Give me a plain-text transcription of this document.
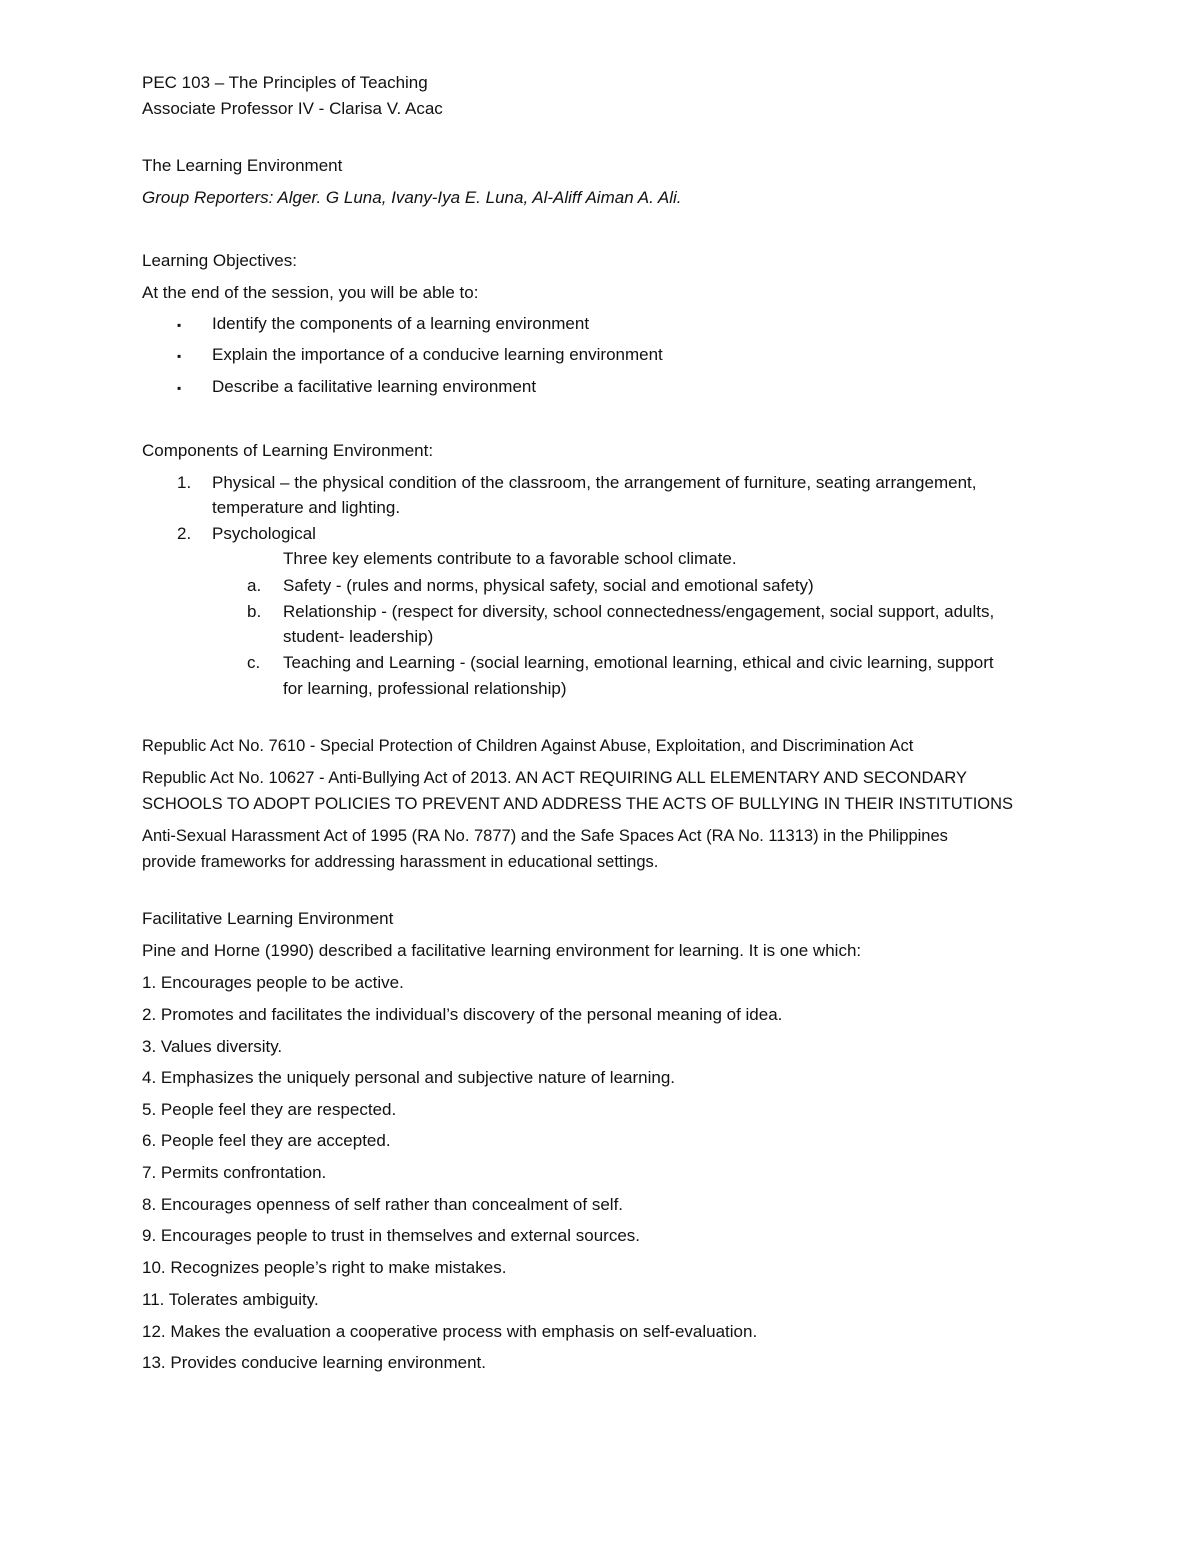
PEC 103 – The Principles of Teaching
Associate Professor IV - Clarisa V. Acac
The Learning Environment
Group Reporters: Alger. G Luna, Ivany-Iya E. Luna, Al-Aliff Aiman A. Ali.
Learning Objectives:
At the end of the session, you will be able to:
▪ Identify the components of a learning environment
▪ Explain the importance of a conducive learning environment
▪ Describe a facilitative learning environment
Components of Learning Environment:
1. Physical – the physical condition of the classroom, the arrangement of furniture, seating arrangement,
temperature and lighting.
2. Psychological
Three key elements contribute to a favorable school climate.
a. Safety - (rules and norms, physical safety, social and emotional safety)
b. Relationship - (respect for diversity, school connectedness/engagement, social support, adults,
student- leadership)
c. Teaching and Learning - (social learning, emotional learning, ethical and civic learning, support
for learning, professional relationship)
Republic Act No. 7610 - Special Protection of Children Against Abuse, Exploitation, and Discrimination Act
Republic Act No. 10627 - Anti-Bullying Act of 2013. AN ACT REQUIRING ALL ELEMENTARY AND SECONDARY
SCHOOLS TO ADOPT POLICIES TO PREVENT AND ADDRESS THE ACTS OF BULLYING IN THEIR INSTITUTIONS
Anti-Sexual Harassment Act of 1995 (RA No. 7877) and the Safe Spaces Act (RA No. 11313) in the Philippines
provide frameworks for addressing harassment in educational settings.
Facilitative Learning Environment
Pine and Horne (1990) described a facilitative learning environment for learning. It is one which:
1. Encourages people to be active.
2. Promotes and facilitates the individual’s discovery of the personal meaning of idea.
3. Values diversity.
4. Emphasizes the uniquely personal and subjective nature of learning.
5. People feel they are respected.
6. People feel they are accepted.
7. Permits confrontation.
8. Encourages openness of self rather than concealment of self.
9. Encourages people to trust in themselves and external sources.
10. Recognizes people’s right to make mistakes.
11. Tolerates ambiguity.
12. Makes the evaluation a cooperative process with emphasis on self-evaluation.
13. Provides conducive learning environment.
